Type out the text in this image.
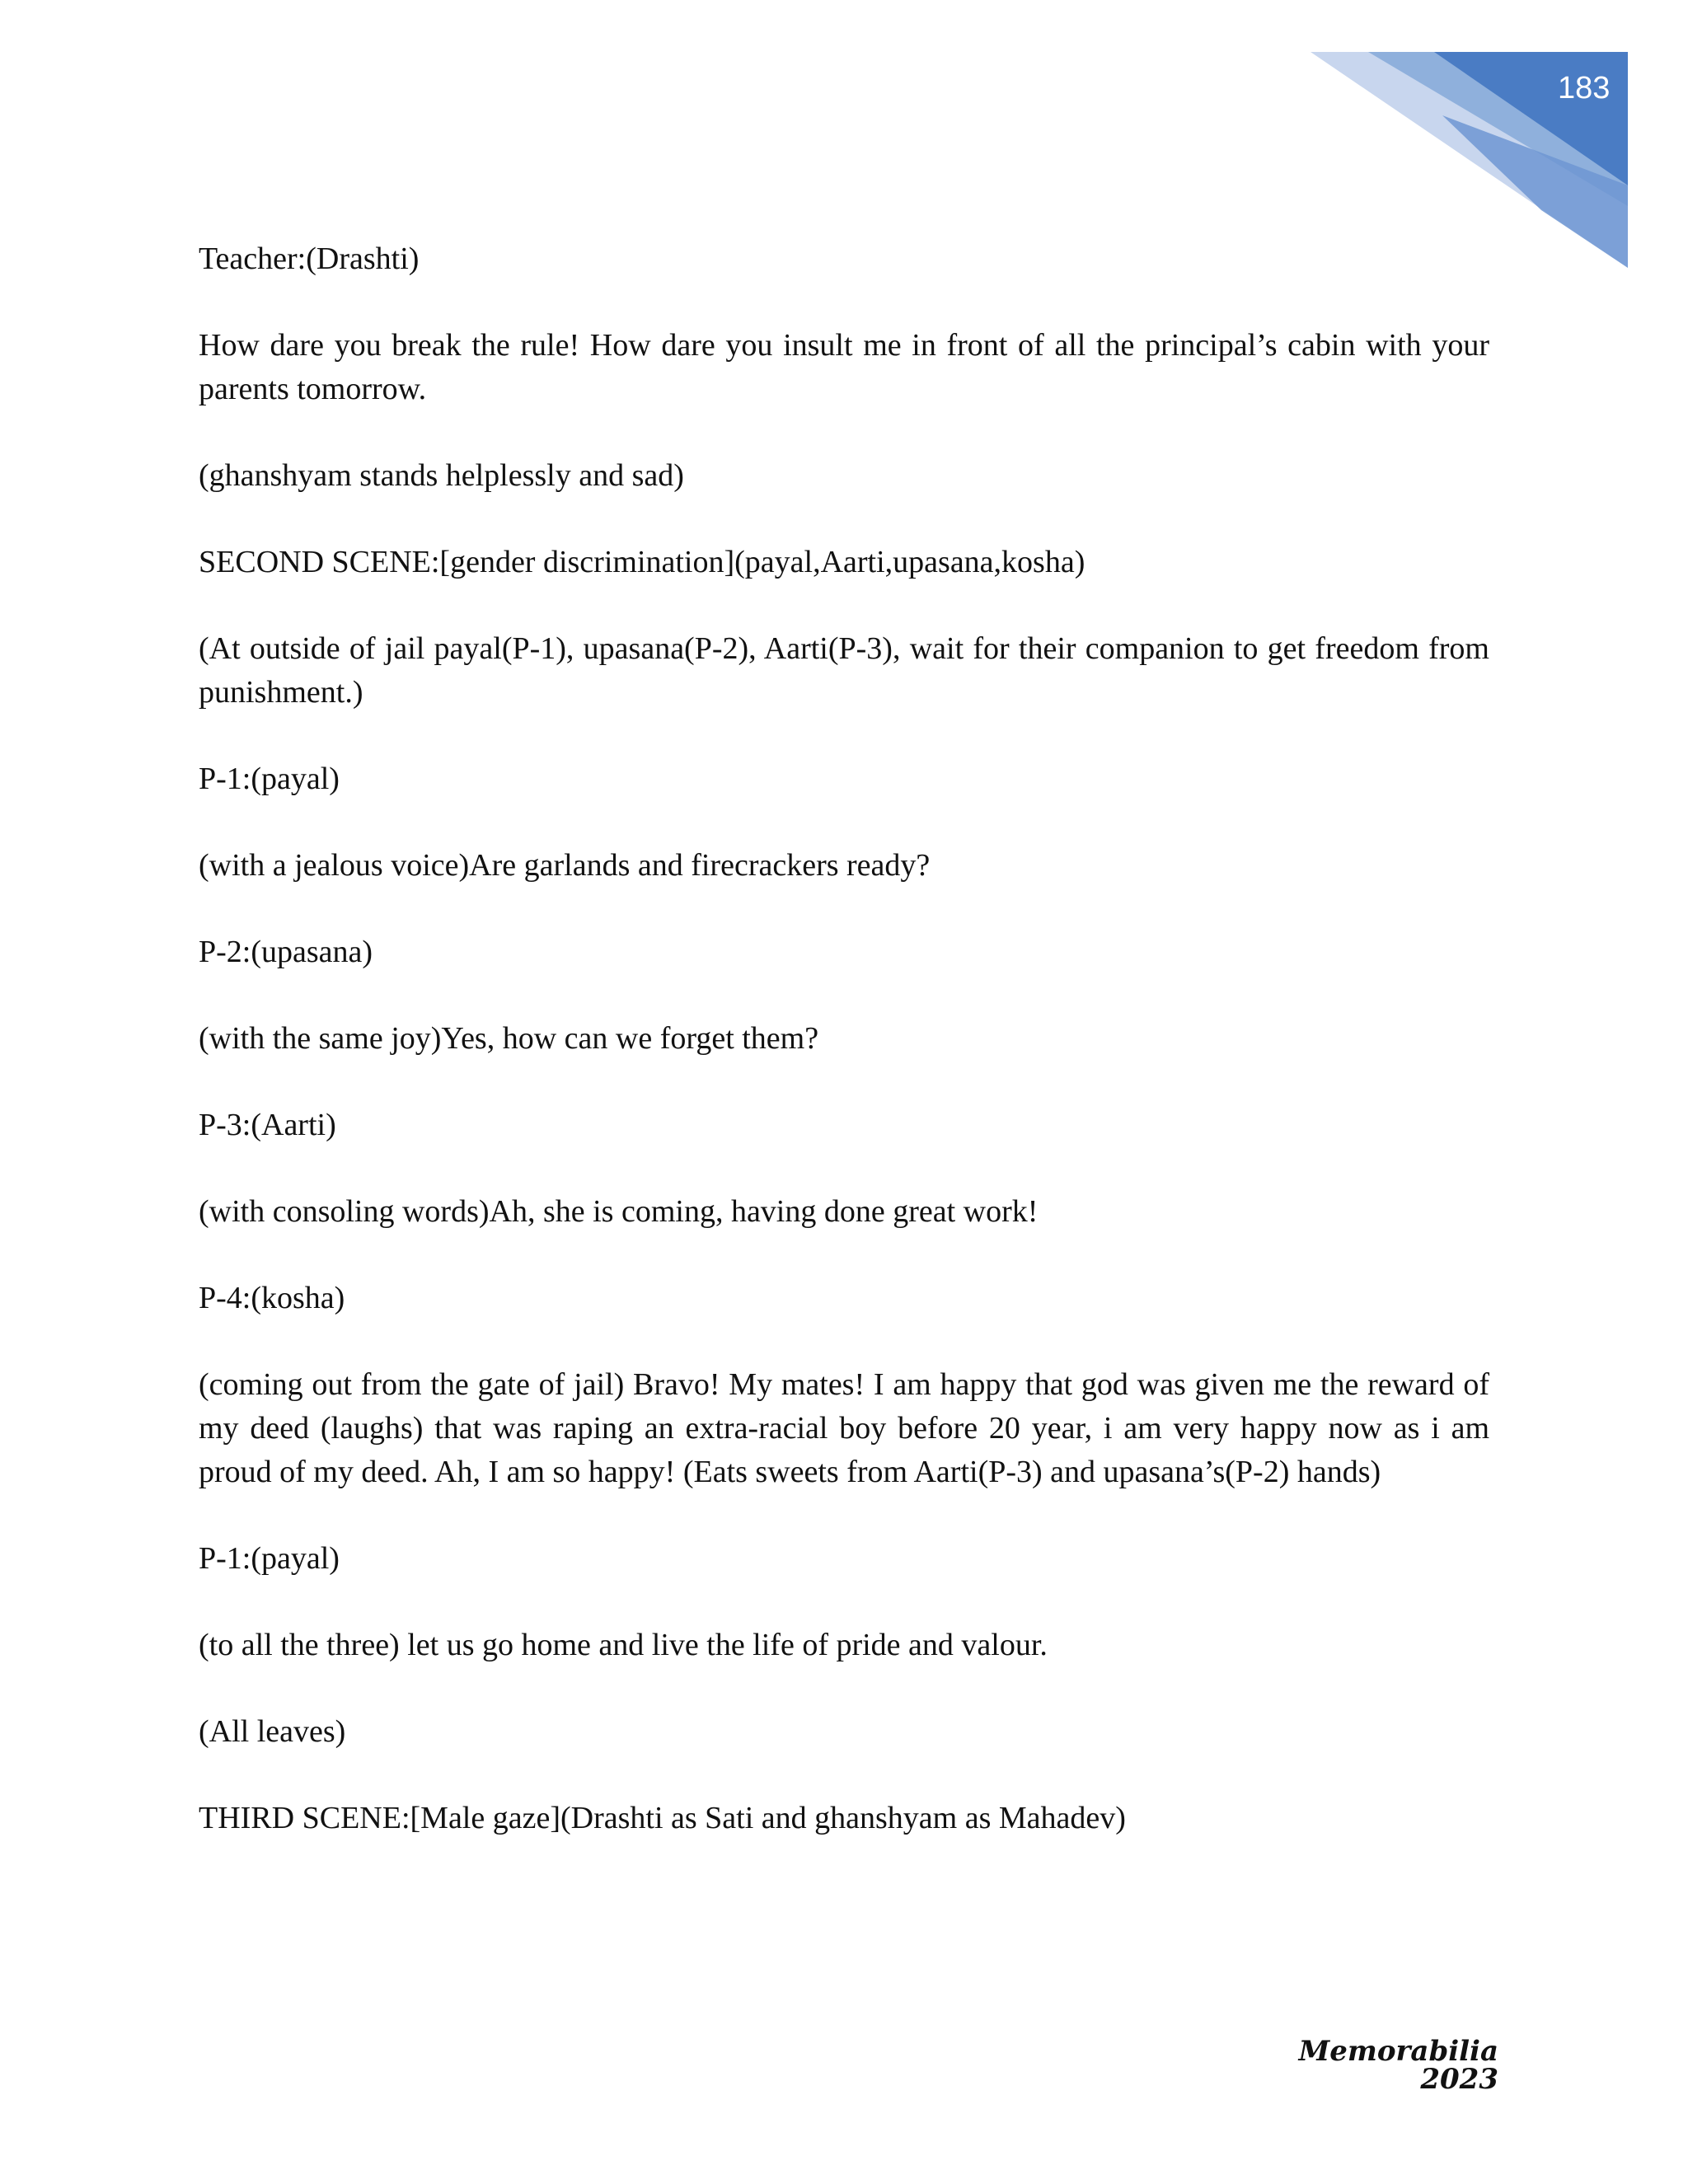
183

Teacher:(Drashti)

How dare you break the rule! How dare you insult me in front of all the principal’s cabin with your parents tomorrow.

(ghanshyam stands helplessly and sad)

SECOND SCENE:[gender discrimination](payal,Aarti,upasana,kosha)

(At outside of jail payal(P-1), upasana(P-2), Aarti(P-3), wait for their companion to get freedom from punishment.)

P-1:(payal)

(with a jealous voice)Are garlands and firecrackers ready?

P-2:(upasana)

(with the same joy)Yes, how can we forget them?

P-3:(Aarti)

(with consoling words)Ah, she is coming, having done great work!

P-4:(kosha)

(coming out from the gate of jail) Bravo! My mates! I am happy that god was given me the reward of my deed (laughs) that was raping an extra-racial boy before 20 year, i am very happy now as i am proud of my deed. Ah, I am so happy! (Eats sweets from Aarti(P-3) and upasana’s(P-2) hands)

P-1:(payal)

(to all the three) let us go home and live the life of pride and valour.

(All leaves)

THIRD SCENE:[Male gaze](Drashti as Sati and ghanshyam as Mahadev)

Memorabilia 2023
